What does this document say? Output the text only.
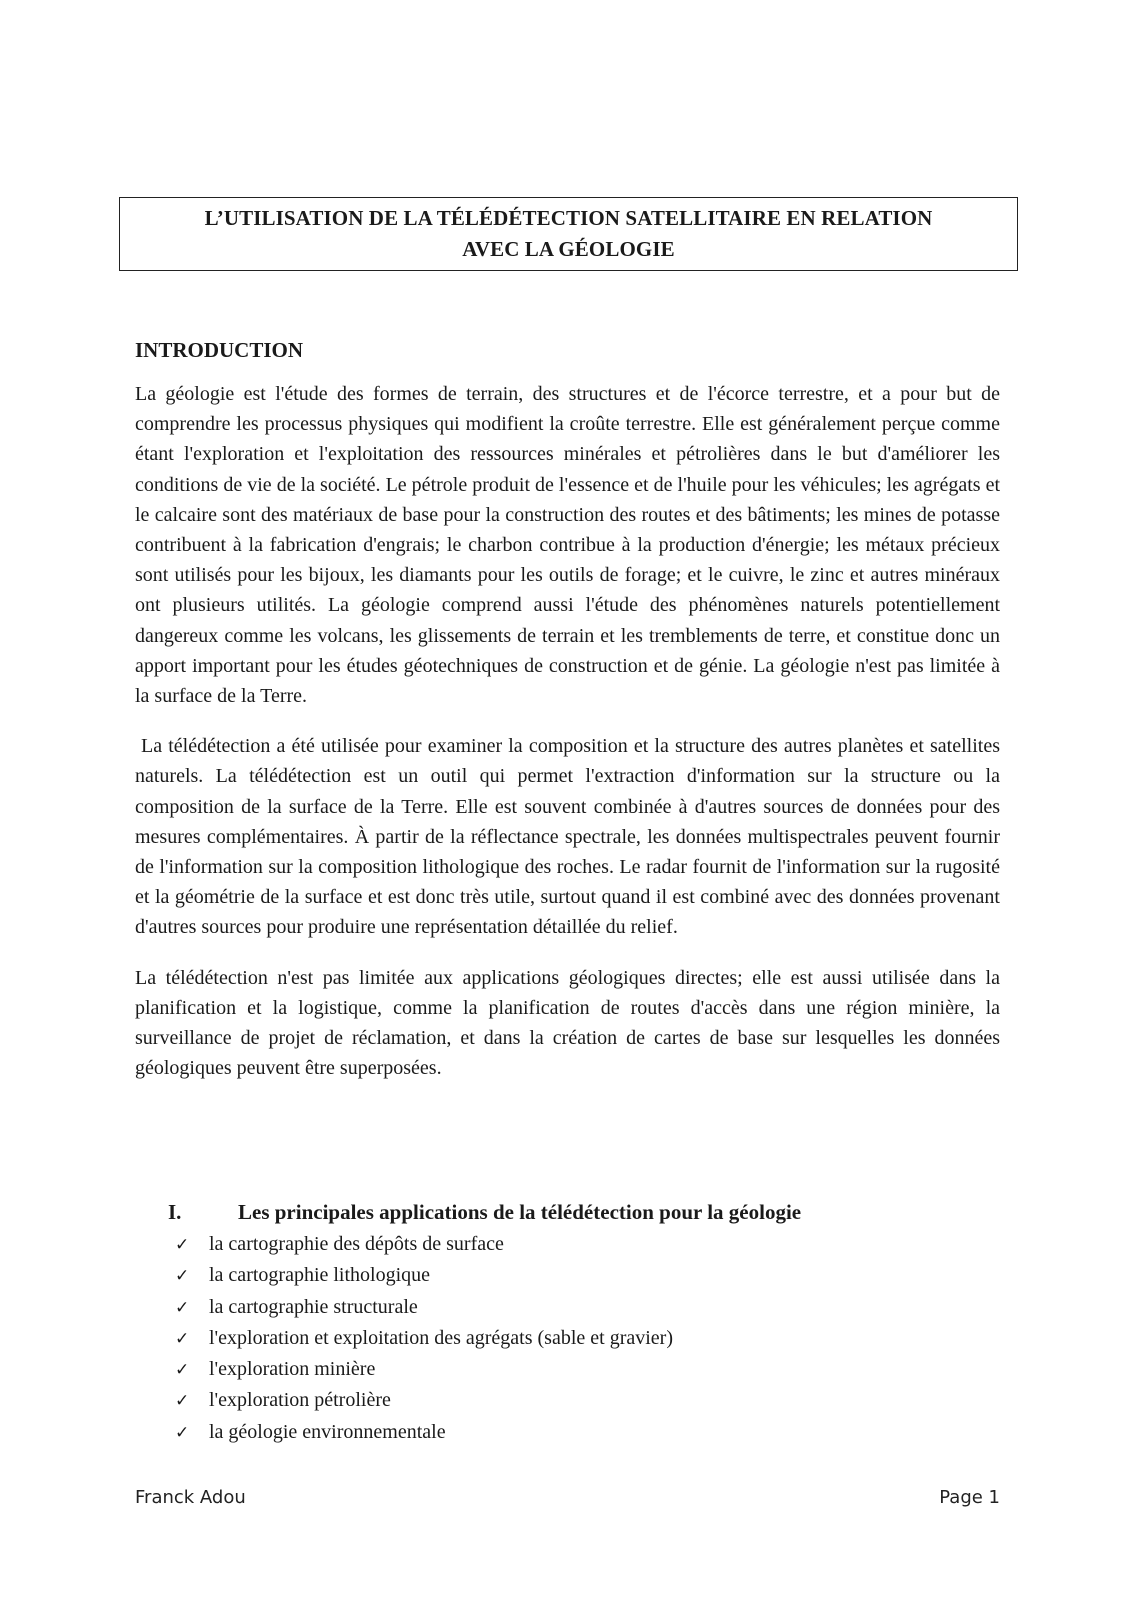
L’UTILISATION DE LA TÉLÉDÉTECTION SATELLITAIRE EN RELATION
AVEC LA GÉOLOGIE
INTRODUCTION

La géologie est l'étude des formes de terrain, des structures et de l'écorce terrestre, et a pour but de comprendre les processus physiques qui modifient la croûte terrestre. Elle est généralement perçue comme étant l'exploration et l'exploitation des ressources minérales et pétrolières dans le but d'améliorer les conditions de vie de la société. Le pétrole produit de l'essence et de l'huile pour les véhicules; les agrégats et le calcaire sont des matériaux de base pour la construction des routes et des bâtiments; les mines de potasse contribuent à la fabrication d'engrais; le charbon contribue à la production d'énergie; les métaux précieux sont utilisés pour les bijoux, les diamants pour les outils de forage; et le cuivre, le zinc et autres minéraux ont plusieurs utilités. La géologie comprend aussi l'étude des phénomènes naturels potentiellement dangereux comme les volcans, les glissements de terrain et les tremblements de terre, et constitue donc un apport important pour les études géotechniques de construction et de génie. La géologie n'est pas limitée à la surface de la Terre.

La télédétection a été utilisée pour examiner la composition et la structure des autres planètes et satellites naturels. La télédétection est un outil qui permet l'extraction d'information sur la structure ou la composition de la surface de la Terre. Elle est souvent combinée à d'autres sources de données pour des mesures complémentaires. À partir de la réflectance spectrale, les données multispectrales peuvent fournir de l'information sur la composition lithologique des roches. Le radar fournit de l'information sur la rugosité et la géométrie de la surface et est donc très utile, surtout quand il est combiné avec des données provenant d'autres sources pour produire une représentation détaillée du relief.

La télédétection n'est pas limitée aux applications géologiques directes; elle est aussi utilisée dans la planification et la logistique, comme la planification de routes d'accès dans une région minière, la surveillance de projet de réclamation, et dans la création de cartes de base sur lesquelles les données géologiques peuvent être superposées.

I.	Les principales applications de la télédétection pour la géologie
✓ la cartographie des dépôts de surface
✓ la cartographie lithologique
✓ la cartographie structurale
✓ l'exploration et exploitation des agrégats (sable et gravier)
✓ l'exploration minière
✓ l'exploration pétrolière
✓ la géologie environnementale
Franck Adou	Page 1
